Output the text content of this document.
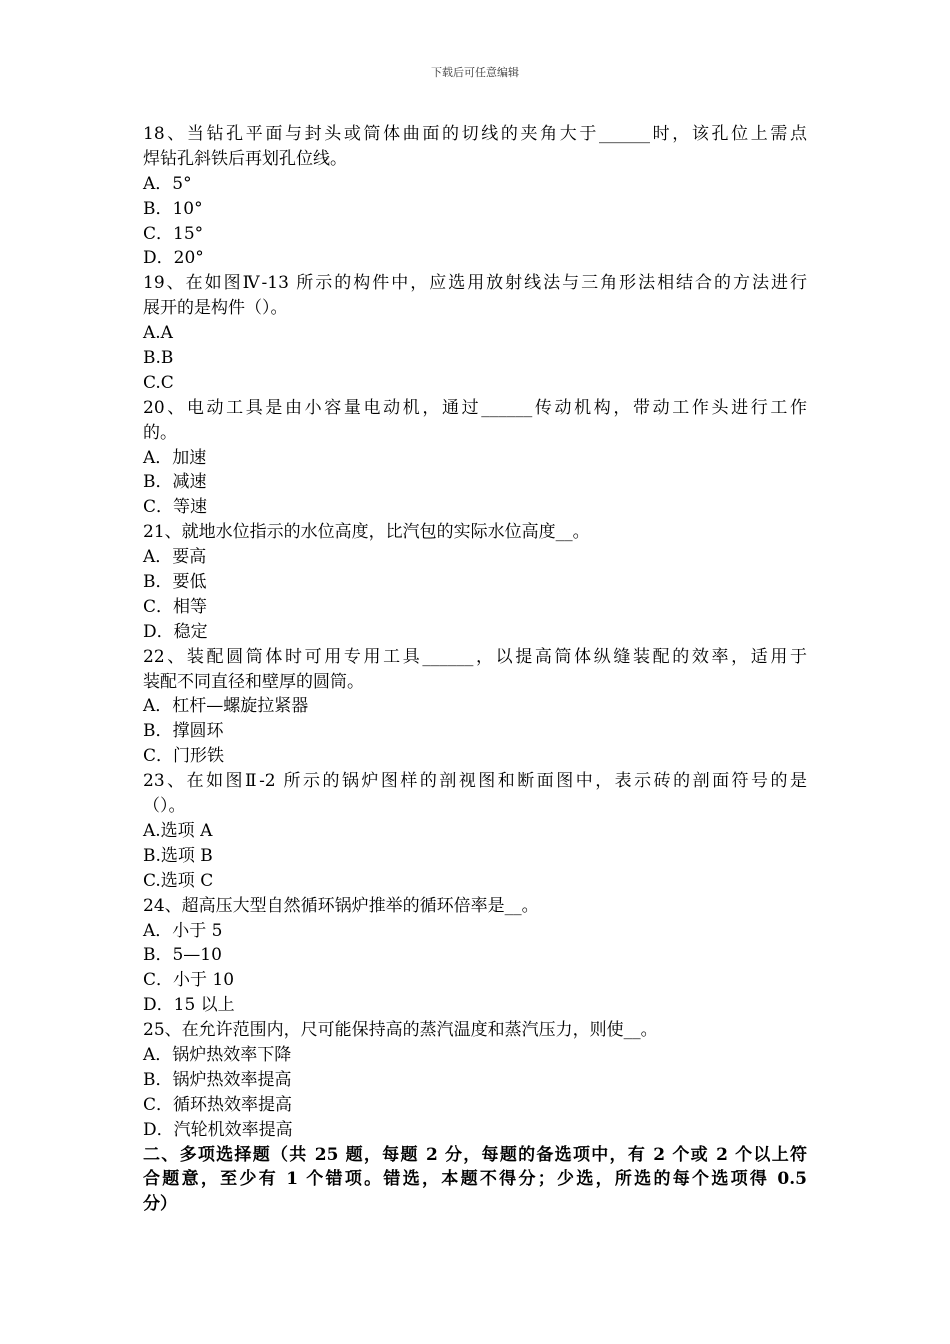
下载后可任意编辑
18、当钻孔平面与封头或筒体曲面的切线的夹角大于______时，该孔位上需点
焊钻孔斜铁后再划孔位线。
A．5°
B．10°
C．15°
D．20°
19、在如图Ⅳ-13 所示的构件中，应选用放射线法与三角形法相结合的方法进行
展开的是构件（）。
A.A
B.B
C.C
20、电动工具是由小容量电动机，通过______传动机构，带动工作头进行工作
的。
A．加速
B．减速
C．等速
21、就地水位指示的水位高度，比汽包的实际水位高度__。
A．要高
B．要低
C．相等
D．稳定
22、装配圆筒体时可用专用工具______，以提高筒体纵缝装配的效率，适用于
装配不同直径和壁厚的圆筒。
A．杠杆—螺旋拉紧器
B．撑圆环
C．门形铁
23、在如图Ⅱ-2 所示的锅炉图样的剖视图和断面图中，表示砖的剖面符号的是
（）。
A.选项 A
B.选项 B
C.选项 C
24、超高压大型自然循环锅炉推举的循环倍率是__。
A．小于 5
B．5—10
C．小于 10
D．15 以上
25、在允许范围内，尺可能保持高的蒸汽温度和蒸汽压力，则使__。
A．锅炉热效率下降
B．锅炉热效率提高
C．循环热效率提高
D．汽轮机效率提高
二、多项选择题（共 25 题，每题 2 分，每题的备选项中，有 2 个或 2 个以上符
合题意，至少有 1 个错项。错选，本题不得分；少选，所选的每个选项得 0.5
分）
